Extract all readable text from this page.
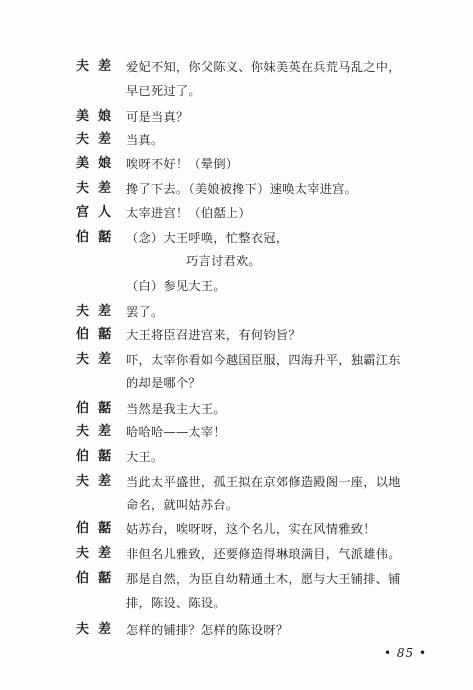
夫差 爱妃不知，你父陈义、你妹美英在兵荒马乱之中，
早已死过了。
美娘 可是当真？
夫差 当真。
美娘 唉呀不好！（晕倒）
夫差 搀了下去。（美娘被搀下）速唤太宰进宫。
宫人 太宰进宫！（伯嚭上）
伯嚭 （念）大王呼唤，忙整衣冠，
巧言讨君欢。
（白）参见大王。
夫差 罢了。
伯嚭 大王将臣召进宫来，有何钧旨？
夫差 吓，太宰你看如今越国臣服，四海升平，独霸江东
的却是哪个？
伯嚭 当然是我主大王。
夫差 哈哈哈——太宰！
伯嚭 大王。
夫差 当此太平盛世，孤王拟在京郊修造殿阁一座，以地
命名，就叫姑苏台。
伯嚭 姑苏台，唉呀呀，这个名儿，实在风情雅致！
夫差 非但名儿雅致，还要修造得琳琅满目，气派雄伟。
伯嚭 那是自然，为臣自幼精通土木，愿与大王铺排、铺
排，陈设、陈设。
夫差 怎样的铺排？怎样的陈设呀？
• 85 •
